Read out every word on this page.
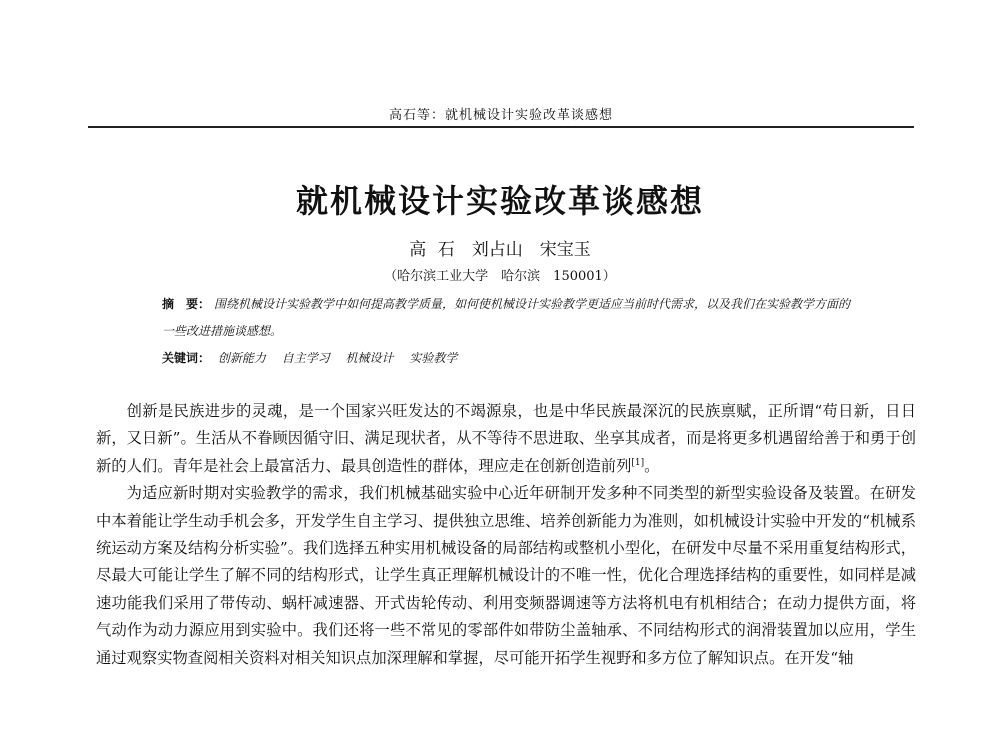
高石等：就机械设计实验改革谈感想
就机械设计实验改革谈感想
高 石　刘占山　宋宝玉
（哈尔滨工业大学　哈尔滨　150001）
摘　要： 围绕机械设计实验教学中如何提高教学质量，如何使机械设计实验教学更适应当前时代需求，以及我们在实验教学方面的一些改进措施谈感想。
关键词： 创新能力 自主学习 机械设计 实验教学

创新是民族进步的灵魂，是一个国家兴旺发达的不竭源泉，也是中华民族最深沉的民族禀赋，正所谓“苟日新，日日新，又日新”。生活从不眷顾因循守旧、满足现状者，从不等待不思进取、坐享其成者，而是将更多机遇留给善于和勇于创新的人们。青年是社会上最富活力、最具创造性的群体，理应走在创新创造前列[1]。

为适应新时期对实验教学的需求，我们机械基础实验中心近年研制开发多种不同类型的新型实验设备及装置。在研发中本着能让学生动手机会多，开发学生自主学习、提供独立思维、培养创新能力为准则，如机械设计实验中开发的“机械系统运动方案及结构分析实验”。我们选择五种实用机械设备的局部结构或整机小型化，在研发中尽量不采用重复结构形式，尽最大可能让学生了解不同的结构形式，让学生真正理解机械设计的不唯一性，优化合理选择结构的重要性，如同样是减速功能我们采用了带传动、蜗杆减速器、开式齿轮传动、利用变频器调速等方法将机电有机相结合；在动力提供方面，将气动作为动力源应用到实验中。我们还将一些不常见的零部件如带防尘盖轴承、不同结构形式的润滑装置加以应用，学生通过观察实物查阅相关资料对相关知识点加深理解和掌握，尽可能开拓学生视野和多方位了解知识点。在开发“轴
